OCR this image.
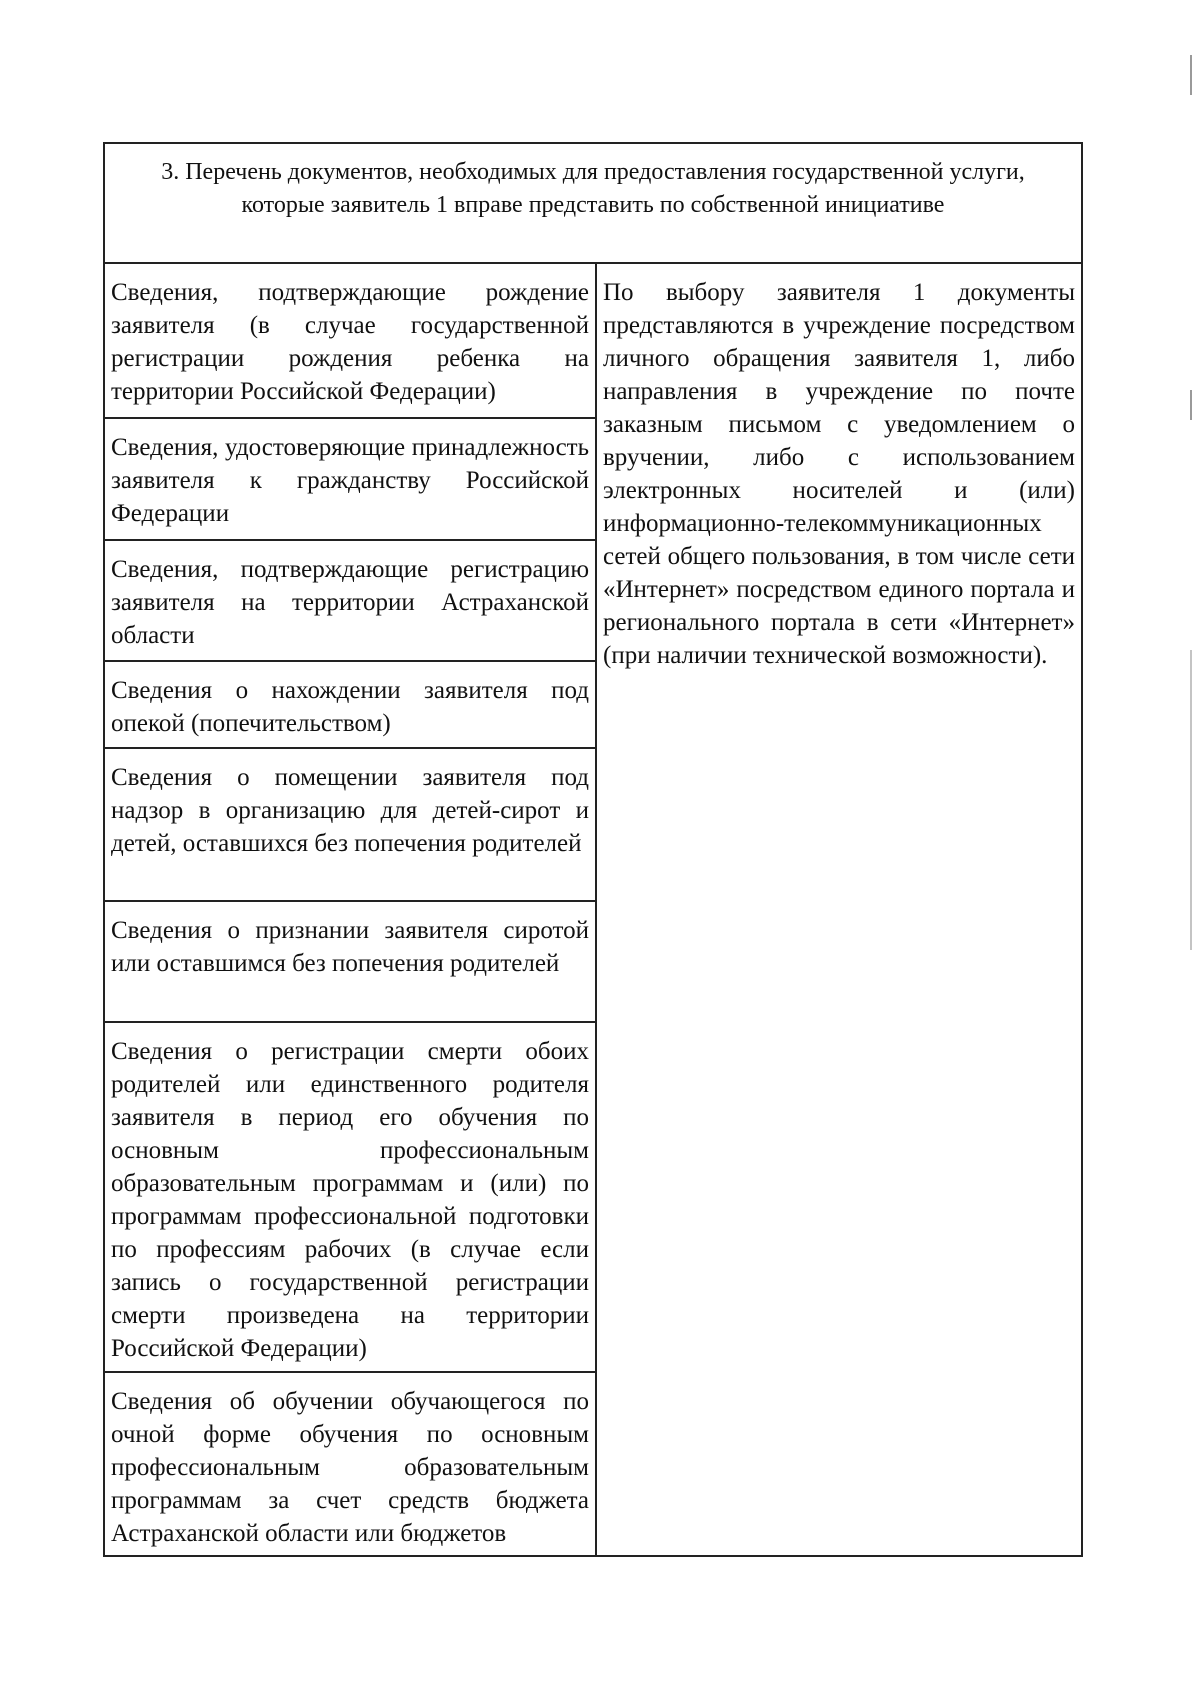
3. Перечень документов, необходимых для предоставления государственной услуги, которые заявитель 1 вправе представить по собственной инициативе
Сведения, подтверждающие рождение заявителя (в случае государственной регистрации рождения ребенка на территории Российской Федерации)	По выбору заявителя 1 документы представляются в учреждение посредством личного обращения заявителя 1, либо направления в учреждение по почте заказным письмом с уведомлением о вручении, либо с использованием электронных носителей и (или) информационно-телекоммуникационных сетей общего пользования, в том числе сети «Интернет» посредством единого портала и регионального портала в сети «Интернет» (при наличии технической возможности).
Сведения, удостоверяющие принадлежность заявителя к гражданству Российской Федерации
Сведения, подтверждающие регистрацию заявителя на территории Астраханской области
Сведения о нахождении заявителя под опекой (попечительством)
Сведения о помещении заявителя под надзор в организацию для детей-сирот и детей, оставшихся без попечения родителей
Сведения о признании заявителя сиротой или оставшимся без попечения родителей
Сведения о регистрации смерти обоих родителей или единственного родителя заявителя в период его обучения по основным профессиональным образовательным программам и (или) по программам профессиональной подготовки по профессиям рабочих (в случае если запись о государственной регистрации смерти произведена на территории Российской Федерации)
Сведения об обучении обучающегося по очной форме обучения по основным профессиональным образовательным программам за счет средств бюджета Астраханской области или бюджетов
